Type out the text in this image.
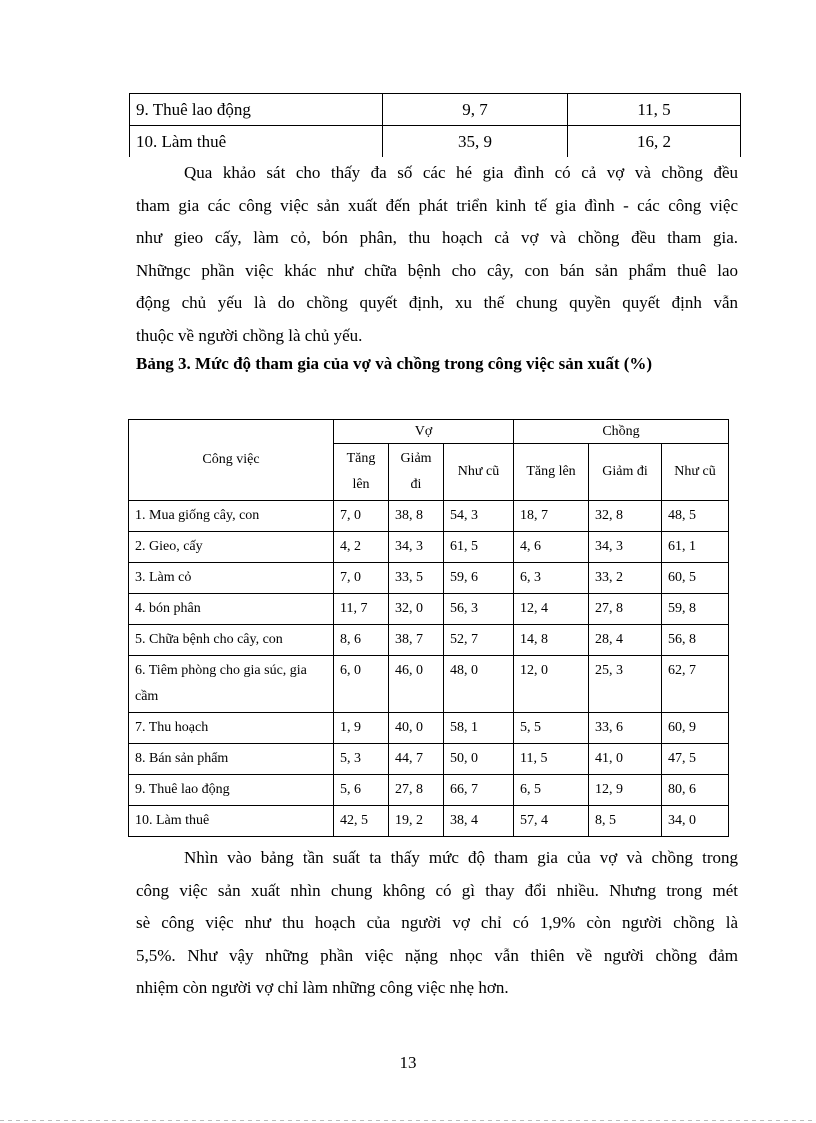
9. Thuê lao động	9, 7	11, 5
10. Làm thuê	35, 9	16, 2
Qua khảo sát cho thấy đa số các hé gia đình có cả vợ và chồng đều
tham gia các công việc sản xuất đến phát triển kinh tế gia đình - các công việc
như gieo cấy, làm cỏ, bón phân, thu hoạch cả vợ và chồng đều tham gia.
Nhữngc phần việc khác như chữa bệnh cho cây, con bán sản phẩm thuê lao
động chủ yếu là do chồng quyết định, xu thế chung quyền quyết định vẫn
thuộc về người chồng là chủ yếu.

Bảng 3. Mức độ tham gia của vợ và chồng trong công việc sản xuất (%)

Công việc	Vợ			Chồng		
	Tăng lên	Giảm đi	Như cũ	Tăng lên	Giảm đi	Như cũ
1. Mua giống cây, con	7, 0	38, 8	54, 3	18, 7	32, 8	48, 5
2. Gieo, cấy	4, 2	34, 3	61, 5	4, 6	34, 3	61, 1
3. Làm cỏ	7, 0	33, 5	59, 6	6, 3	33, 2	60, 5
4. bón phân	11, 7	32, 0	56, 3	12, 4	27, 8	59, 8
5. Chữa bệnh cho cây, con	8, 6	38, 7	52, 7	14, 8	28, 4	56, 8
6. Tiêm phòng cho gia súc, gia cầm	6, 0	46, 0	48, 0	12, 0	25, 3	62, 7
7. Thu hoạch	1, 9	40, 0	58, 1	5, 5	33, 6	60, 9
8. Bán sản phẩm	5, 3	44, 7	50, 0	11, 5	41, 0	47, 5
9. Thuê lao động	5, 6	27, 8	66, 7	6, 5	12, 9	80, 6
10. Làm thuê	42, 5	19, 2	38, 4	57, 4	8, 5	34, 0
Nhìn vào bảng tần suất ta thấy mức độ tham gia của vợ và chồng trong
công việc sản xuất nhìn chung không có gì thay đổi nhiều. Nhưng trong mét
sè công việc như thu hoạch của người vợ chỉ có 1,9% còn người chồng là
5,5%. Như vậy những phần việc nặng nhọc vẫn thiên về người chồng đảm
nhiệm còn người vợ chỉ làm những công việc nhẹ hơn.
13
